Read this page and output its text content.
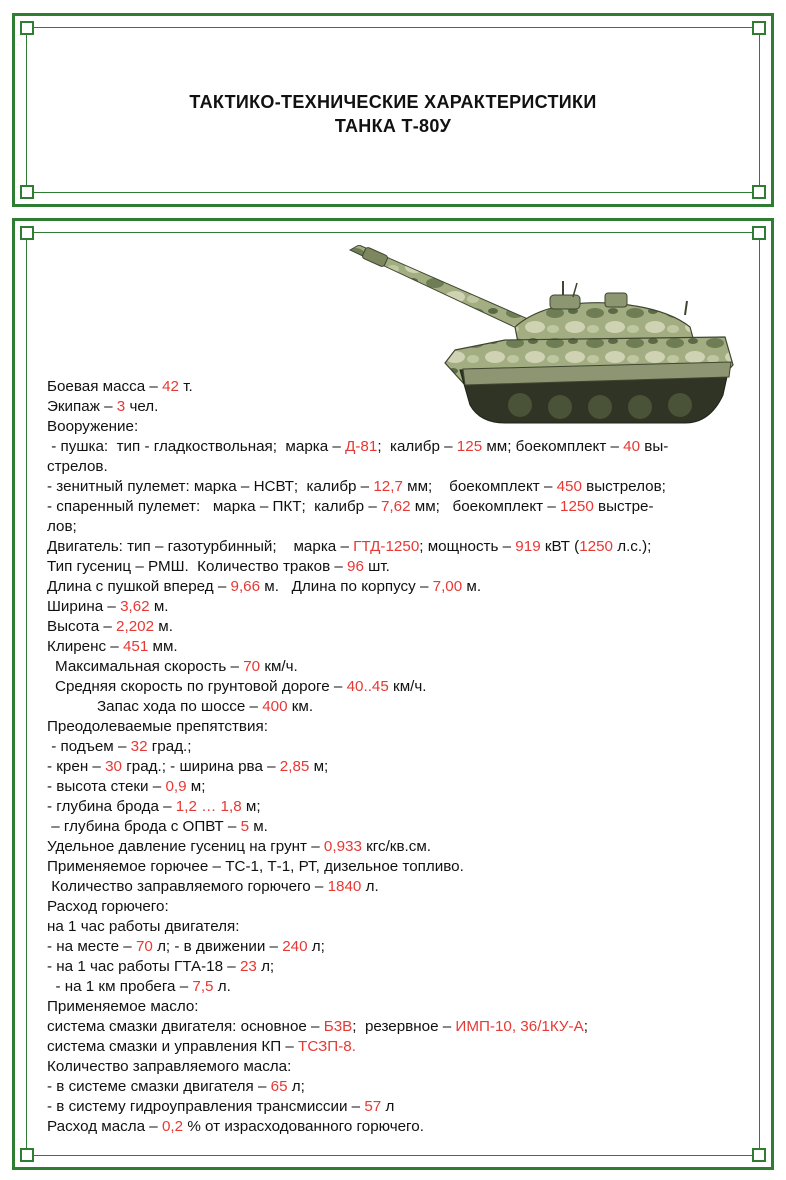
ТАКТИКО-ТЕХНИЧЕСКИЕ ХАРАКТЕРИСТИКИ
ТАНКА Т-80У
Боевая масса – 42 т.
Экипаж – 3 чел.
Вооружение:
- пушка:  тип - гладкоствольная;  марка – Д-81;  калибр – 125 мм; боекомплект – 40 вы-
стрелов.
- зенитный пулемет: марка – НСВТ;  калибр – 12,7 мм;    боекомплект – 450 выстрелов;
- спаренный пулемет:   марка – ПКТ;  калибр – 7,62 мм;   боекомплект – 1250 выстре-
лов;
Двигатель: тип – газотурбинный;    марка – ГТД-1250; мощность – 919 кВТ (1250 л.с.);
Тип гусениц – РМШ.  Количество траков – 96 шт.
Длина с пушкой вперед – 9,66 м.   Длина по корпусу – 7,00 м.
Ширина – 3,62 м.
Высота – 2,202 м.
Клиренс – 451 мм.
Максимальная скорость – 70 км/ч.
Средняя скорость по грунтовой дороге – 40..45 км/ч.
Запас хода по шоссе – 400 км.
Преодолеваемые препятствия:
- подъем – 32 град.;
- крен – 30 град.; - ширина рва – 2,85 м;
- высота стеки – 0,9 м;
- глубина брода – 1,2 … 1,8 м;
– глубина брода с ОПВТ – 5 м.
Удельное давление гусениц на грунт – 0,933 кгс/кв.см.
Применяемое горючее – ТС-1, Т-1, РТ, дизельное топливо.
Количество заправляемого горючего – 1840 л.
Расход горючего:
на 1 час работы двигателя:
- на месте – 70 л; - в движении – 240 л;
- на 1 час работы ГТА-18 – 23 л;
- на 1 км пробега – 7,5 л.
Применяемое масло:
система смазки двигателя: основное – Б3В;  резервное – ИМП-10, 36/1КУ-А;
система смазки и управления КП – ТСЗП-8.
Количество заправляемого масла:
- в системе смазки двигателя – 65 л;
- в систему гидроуправления трансмиссии – 57 л
Расход масла – 0,2 % от израсходованного горючего.
